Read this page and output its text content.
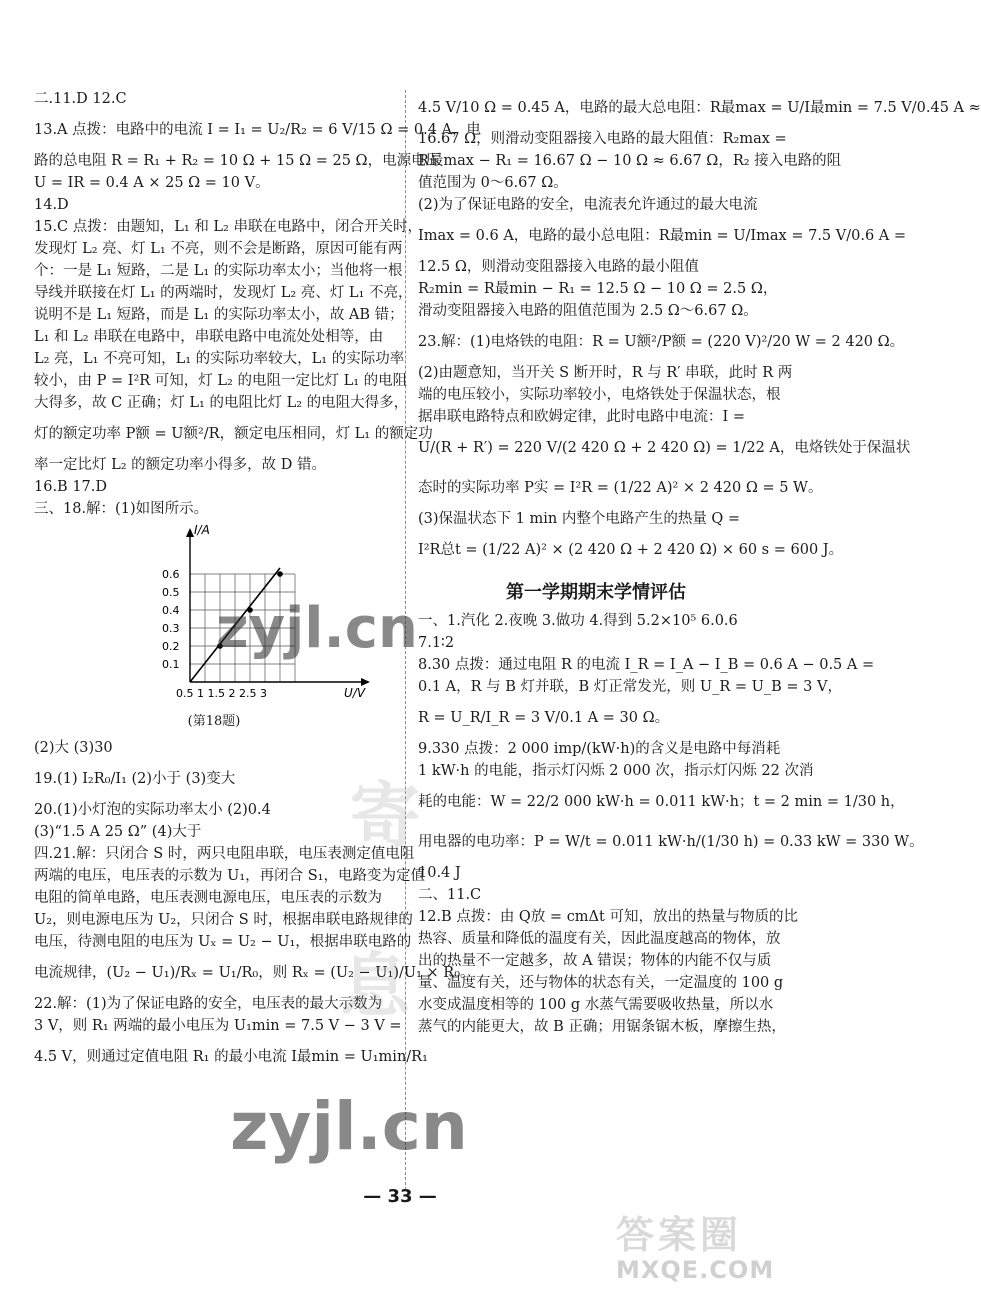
二.11.D 12.C

13.A 点拨：电路中的电流 I = I₁ = U₂/R₂ = 6 V/15 Ω = 0.4 A，电

路的总电阻 R = R₁ + R₂ = 10 Ω + 15 Ω = 25 Ω，电源电压

U = IR = 0.4 A × 25 Ω = 10 V。

14.D

15.C 点拨：由题知，L₁ 和 L₂ 串联在电路中，闭合开关时，

发现灯 L₂ 亮、灯 L₁ 不亮，则不会是断路，原因可能有两

个：一是 L₁ 短路，二是 L₁ 的实际功率太小；当他将一根

导线并联接在灯 L₁ 的两端时，发现灯 L₂ 亮、灯 L₁ 不亮，

说明不是 L₁ 短路，而是 L₁ 的实际功率太小，故 AB 错；

L₁ 和 L₂ 串联在电路中，串联电路中电流处处相等，由

L₂ 亮，L₁ 不亮可知，L₁ 的实际功率较大，L₁ 的实际功率

较小，由 P = I²R 可知，灯 L₂ 的电阻一定比灯 L₁ 的电阻

大得多，故 C 正确；灯 L₁ 的电阻比灯 L₂ 的电阻大得多，

灯的额定功率 P额 = U额²/R，额定电压相同，灯 L₁ 的额定功

率一定比灯 L₂ 的额定功率小得多，故 D 错。

16.B 17.D

三、18.解：(1)如图所示。

0.6
0.5
0.4
0.3
0.2
0.1
I/A
0.5 1 1.5 2 2.5 3	U/V
(第18题)

(2)大 (3)30

19.(1) I₂R₀/I₁ (2)小于 (3)变大

20.(1)小灯泡的实际功率太小 (2)0.4

(3)“1.5 A 25 Ω” (4)大于

四.21.解：只闭合 S 时，两只电阻串联，电压表测定值电阻

两端的电压，电压表的示数为 U₁，再闭合 S₁，电路变为定值

电阻的简单电路，电压表测电源电压，电压表的示数为

U₂，则电源电压为 U₂，只闭合 S 时，根据串联电路规律的

电压，待测电阻的电压为 Uₓ = U₂ − U₁，根据串联电路的

电流规律，(U₂ − U₁)/Rₓ = U₁/R₀，则 Rₓ = (U₂ − U₁)/U₁ × R₀。

22.解：(1)为了保证电路的安全，电压表的最大示数为

3 V，则 R₁ 两端的最小电压为 U₁min = 7.5 V − 3 V =

4.5 V，则通过定值电阻 R₁ 的最小电流 I最min = U₁min/R₁

4.5 V/10 Ω = 0.45 A，电路的最大总电阻：R最max = U/I最min = 7.5 V/0.45 A ≈

16.67 Ω，则滑动变阻器接入电路的最大阻值：R₂max =

R最max − R₁ = 16.67 Ω − 10 Ω ≈ 6.67 Ω，R₂ 接入电路的阻

值范围为 0～6.67 Ω。

(2)为了保证电路的安全，电流表允许通过的最大电流

Imax = 0.6 A，电路的最小总电阻：R最min = U/Imax = 7.5 V/0.6 A =

12.5 Ω，则滑动变阻器接入电路的最小阻值

R₂min = R最min − R₁ = 12.5 Ω − 10 Ω = 2.5 Ω，

滑动变阻器接入电路的阻值范围为 2.5 Ω～6.67 Ω。

23.解：(1)电烙铁的电阻：R = U额²/P额 = (220 V)²/20 W = 2 420 Ω。

(2)由题意知，当开关 S 断开时，R 与 R′ 串联，此时 R 两

端的电压较小，实际功率较小，电烙铁处于保温状态，根

据串联电路特点和欧姆定律，此时电路中电流：I =

U/(R + R′) = 220 V/(2 420 Ω + 2 420 Ω) = 1/22 A，电烙铁处于保温状

态时的实际功率 P实 = I²R = (1/22 A)² × 2 420 Ω = 5 W。

(3)保温状态下 1 min 内整个电路产生的热量 Q =

I²R总t = (1/22 A)² × (2 420 Ω + 2 420 Ω) × 60 s = 600 J。

第一学期期末学情评估

一、1.汽化 2.夜晚 3.做功 4.得到 5.2×10⁵ 6.0.6

7.1∶2

8.30 点拨：通过电阻 R 的电流 I_R = I_A − I_B = 0.6 A − 0.5 A =

0.1 A，R 与 B 灯并联，B 灯正常发光，则 U_R = U_B = 3 V，

R = U_R/I_R = 3 V/0.1 A = 30 Ω。

9.330 点拨：2 000 imp/(kW·h)的含义是电路中每消耗

1 kW·h 的电能，指示灯闪烁 2 000 次，指示灯闪烁 22 次消

耗的电能：W = 22/2 000 kW·h = 0.011 kW·h；t = 2 min = 1/30 h，

用电器的电功率：P = W/t = 0.011 kW·h/(1/30 h) = 0.33 kW = 330 W。

10.4 J

二、11.C

12.B 点拨：由 Q放 = cmΔt 可知，放出的热量与物质的比

热容、质量和降低的温度有关，因此温度越高的物体，放

出的热量不一定越多，故 A 错误；物体的内能不仅与质

量、温度有关，还与物体的状态有关，一定温度的 100 g

水变成温度相等的 100 g 水蒸气需要吸收热量，所以水

蒸气的内能更大，故 B 正确；用锯条锯木板，摩擦生热，

— 33 —
zyjl.cn
zyjl.cn
寄
息
答案圈
MXQE.COM
